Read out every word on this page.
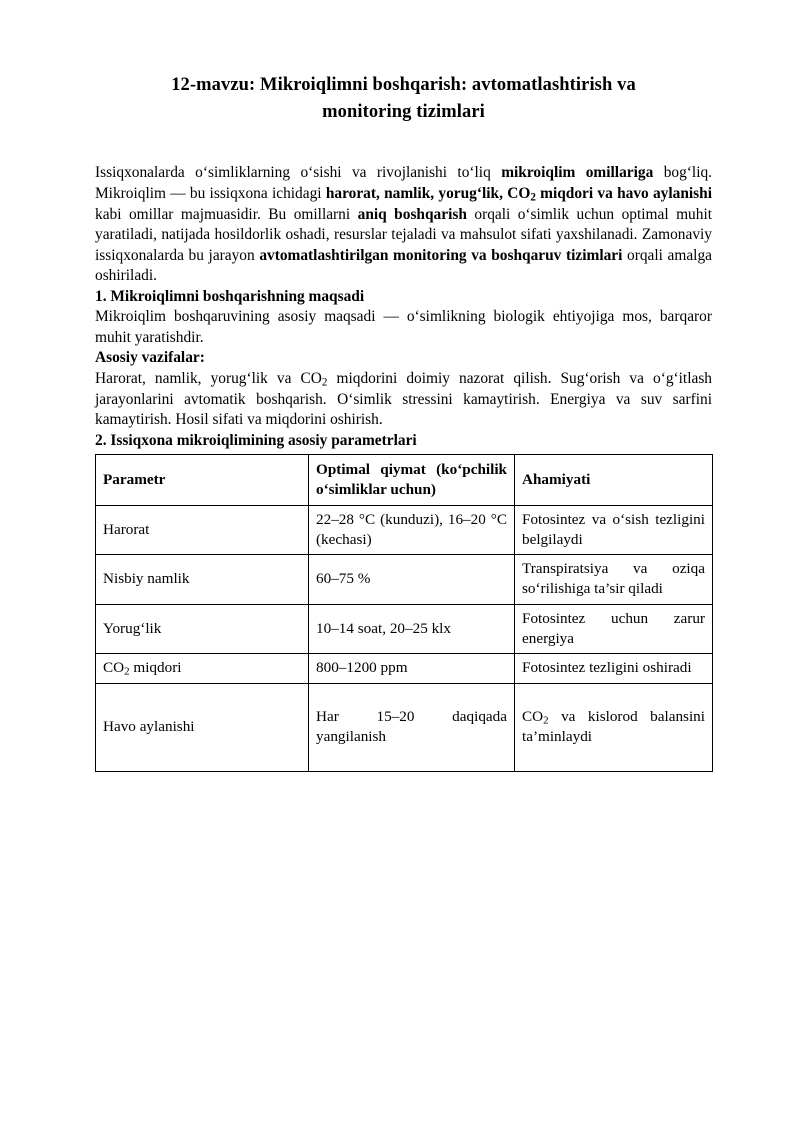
12-mavzu: Mikroiqlimni boshqarish: avtomatlashtirish va
monitoring tizimlari

Issiqxonalarda o‘simliklarning o‘sishi va rivojlanishi to‘liq mikroiqlim omillariga bog‘liq. Mikroiqlim — bu issiqxona ichidagi harorat, namlik, yorug‘lik, $CO_2$ miqdori va havo aylanishi kabi omillar majmuasidir. Bu omillarni aniq boshqarish orqali o‘simlik uchun optimal muhit yaratiladi, natijada hosildorlik oshadi, resurslar tejaladi va mahsulot sifati yaxshilanadi. Zamonaviy issiqxonalarda bu jarayon avtomatlashtirilgan monitoring va boshqaruv tizimlari orqali amalga oshiriladi.

1. Mikroiqlimni boshqarishning maqsadi

Mikroiqlim boshqaruvining asosiy maqsadi — o‘simlikning biologik ehtiyojiga mos, barqaror muhit yaratishdir.

Asosiy vazifalar:

Harorat, namlik, yorug‘lik va $CO_2$ miqdorini doimiy nazorat qilish. Sug‘orish va o‘g‘itlash jarayonlarini avtomatik boshqarish. O‘simlik stressini kamaytirish. Energiya va suv sarfini kamaytirish. Hosil sifati va miqdorini oshirish.

2. Issiqxona mikroiqlimining asosiy parametrlari

Parametr	Optimal qiymat (ko‘pchilik o‘simliklar uchun)	Ahamiyati
Harorat	22–28 °C (kunduzi), 16–20 °C (kechasi)	Fotosintez va o‘sish tezligini belgilaydi
Nisbiy namlik	60–75 %	Transpiratsiya va oziqa so‘rilishiga ta’sir qiladi
Yorug‘lik	10–14 soat, 20–25 klx	Fotosintez uchun zarur energiya
$CO_2$ miqdori	800–1200 ppm	Fotosintez tezligini oshiradi
Havo aylanishi	Har 15–20 daqiqada yangilanish	$CO_2$ va kislorod balansini ta’minlaydi
